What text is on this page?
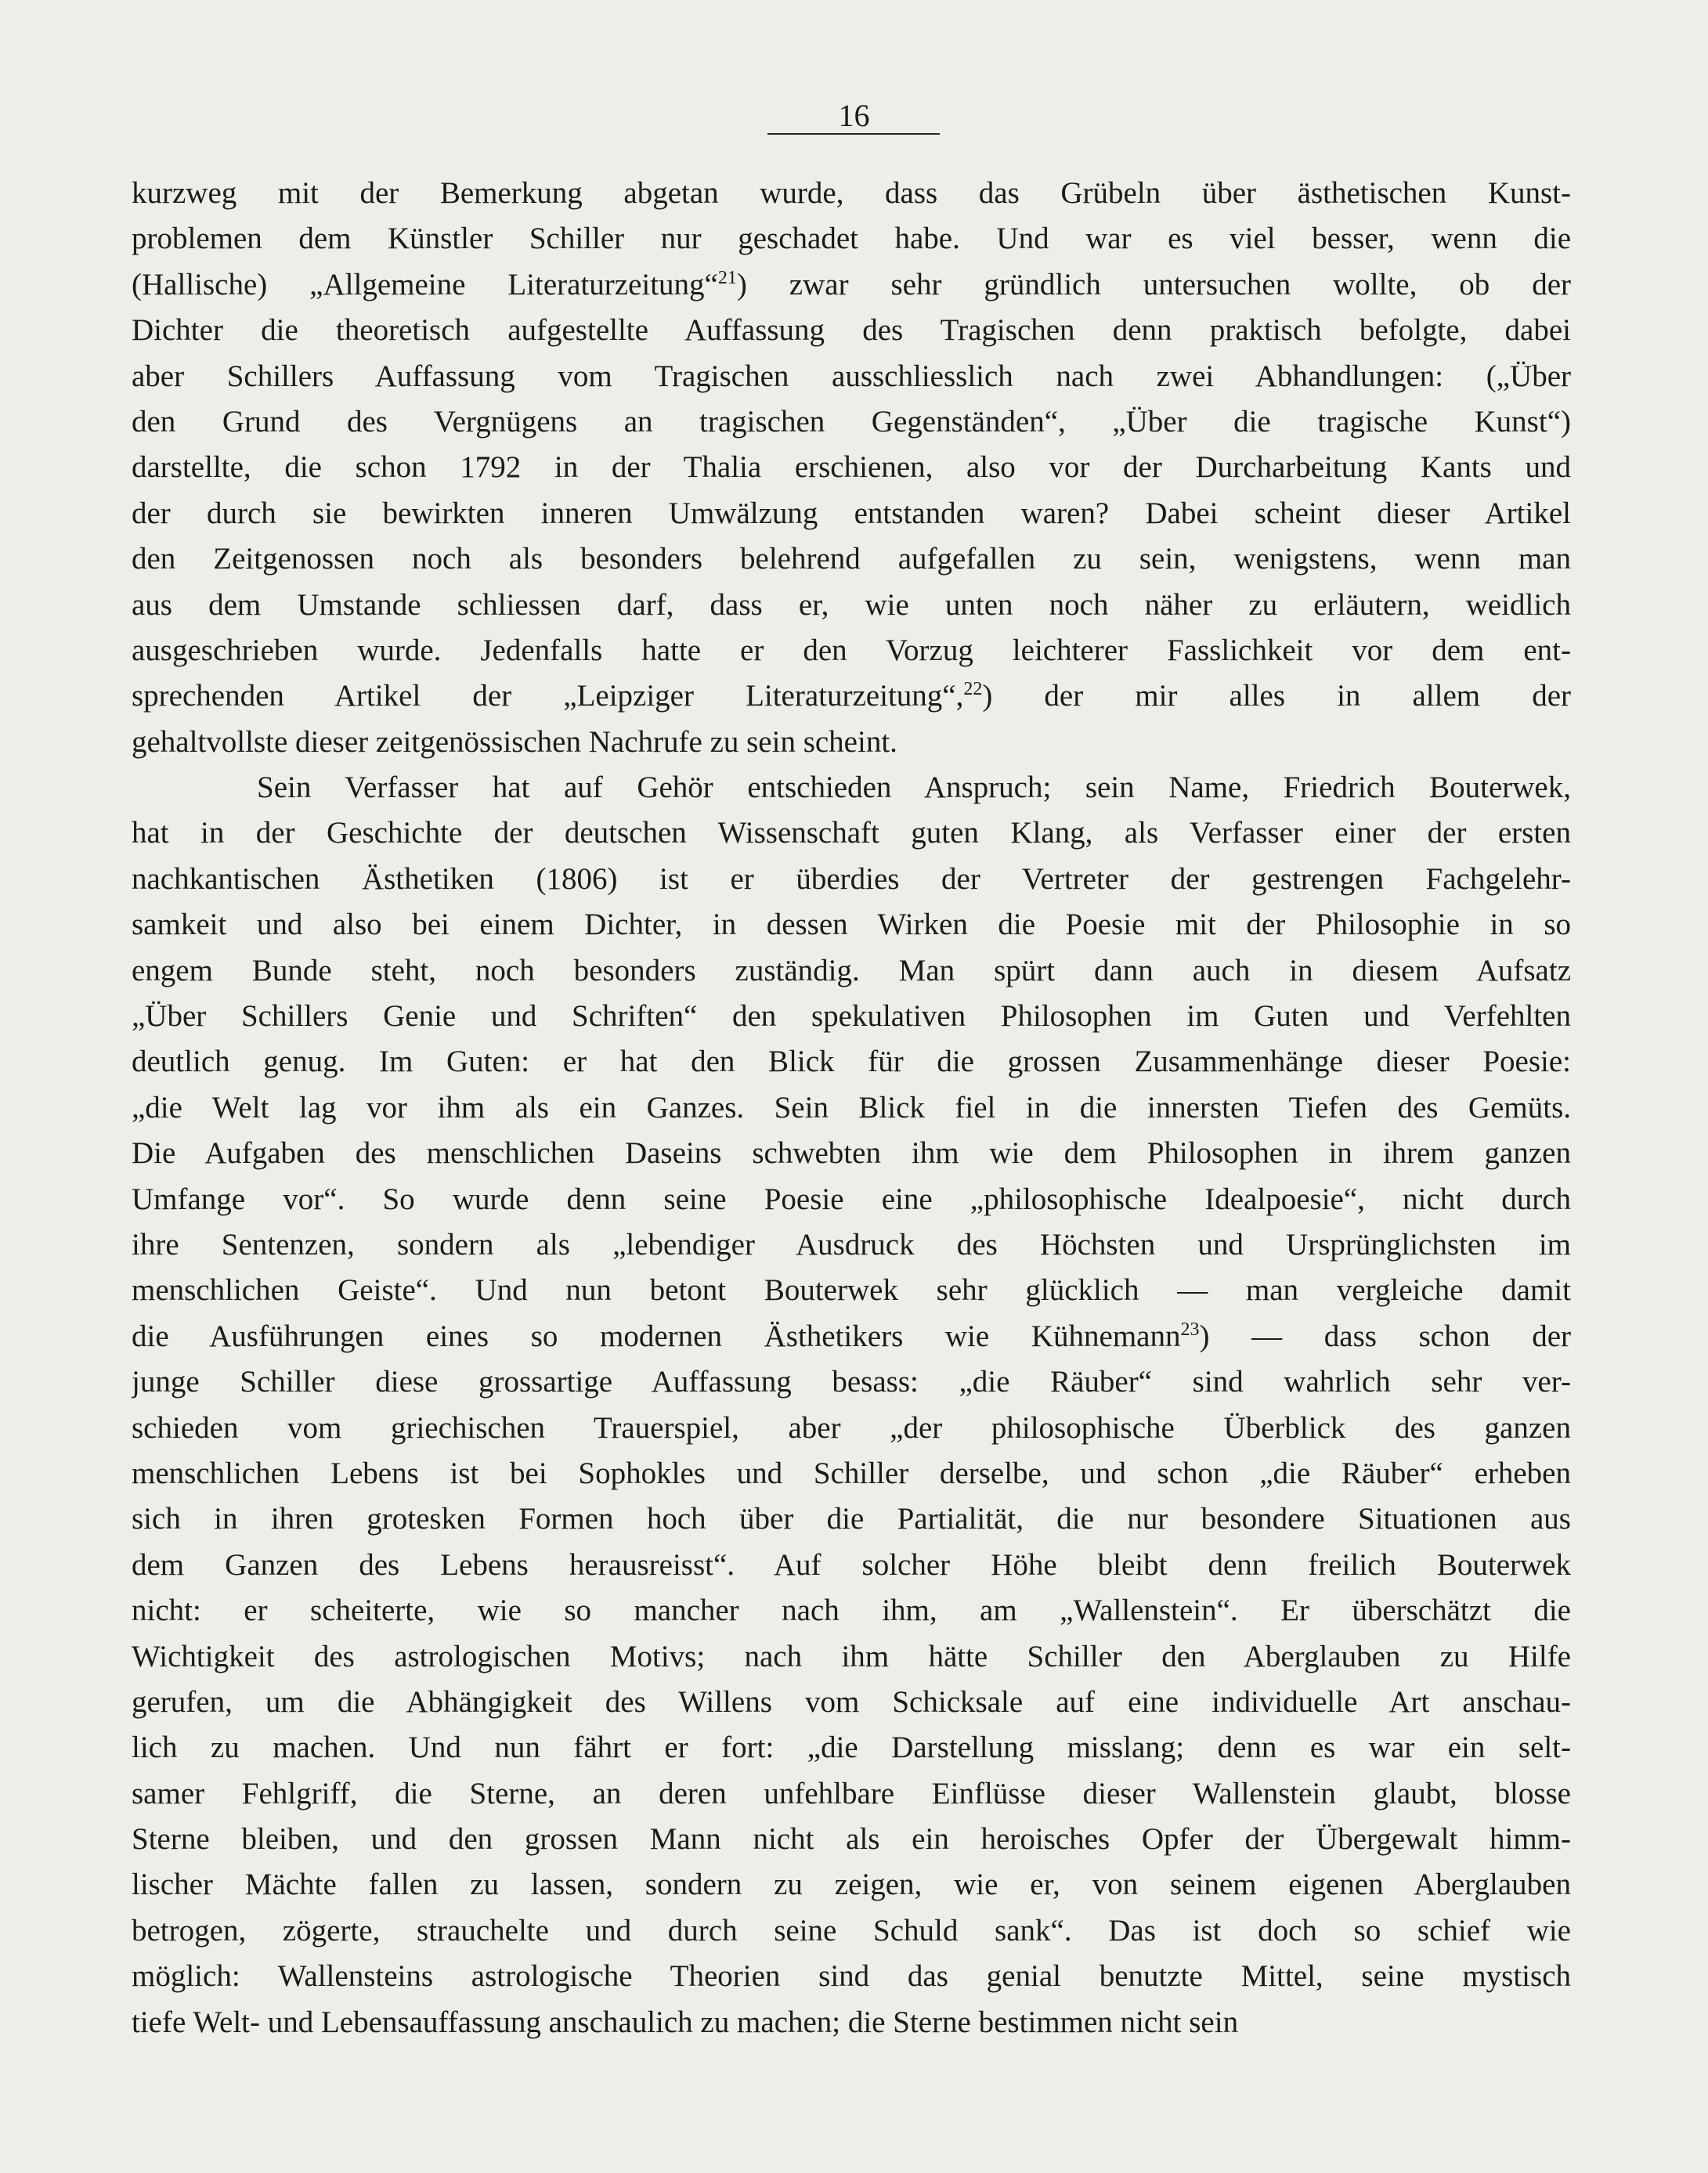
16
kurzweg mit der Bemerkung abgetan wurde, dass das Grübeln über ästhetischen Kunst-
problemen dem Künstler Schiller nur geschadet habe. Und war es viel besser, wenn die
(Hallische) „Allgemeine Literaturzeitung“$^{21}$) zwar sehr gründlich untersuchen wollte, ob der
Dichter die theoretisch aufgestellte Auffassung des Tragischen denn praktisch befolgte, dabei
aber Schillers Auffassung vom Tragischen ausschliesslich nach zwei Abhandlungen: („Über
den Grund des Vergnügens an tragischen Gegenständen“, „Über die tragische Kunst“)
darstellte, die schon 1792 in der Thalia erschienen, also vor der Durcharbeitung Kants und
der durch sie bewirkten inneren Umwälzung entstanden waren? Dabei scheint dieser Artikel
den Zeitgenossen noch als besonders belehrend aufgefallen zu sein, wenigstens, wenn man
aus dem Umstande schliessen darf, dass er, wie unten noch näher zu erläutern, weidlich
ausgeschrieben wurde. Jedenfalls hatte er den Vorzug leichterer Fasslichkeit vor dem ent-
sprechenden Artikel der „Leipziger Literaturzeitung“,$^{22}$) der mir alles in allem der
gehaltvollste dieser zeitgenössischen Nachrufe zu sein scheint.
Sein Verfasser hat auf Gehör entschieden Anspruch; sein Name, Friedrich Bouterwek,
hat in der Geschichte der deutschen Wissenschaft guten Klang, als Verfasser einer der ersten
nachkantischen Ästhetiken (1806) ist er überdies der Vertreter der gestrengen Fachgelehr-
samkeit und also bei einem Dichter, in dessen Wirken die Poesie mit der Philosophie in so
engem Bunde steht, noch besonders zuständig. Man spürt dann auch in diesem Aufsatz
„Über Schillers Genie und Schriften“ den spekulativen Philosophen im Guten und Verfehlten
deutlich genug. Im Guten: er hat den Blick für die grossen Zusammenhänge dieser Poesie:
„die Welt lag vor ihm als ein Ganzes. Sein Blick fiel in die innersten Tiefen des Gemüts.
Die Aufgaben des menschlichen Daseins schwebten ihm wie dem Philosophen in ihrem ganzen
Umfange vor“. So wurde denn seine Poesie eine „philosophische Idealpoesie“, nicht durch
ihre Sentenzen, sondern als „lebendiger Ausdruck des Höchsten und Ursprünglichsten im
menschlichen Geiste“. Und nun betont Bouterwek sehr glücklich — man vergleiche damit
die Ausführungen eines so modernen Ästhetikers wie Kühnemann$^{23}$) — dass schon der
junge Schiller diese grossartige Auffassung besass: „die Räuber“ sind wahrlich sehr ver-
schieden vom griechischen Trauerspiel, aber „der philosophische Überblick des ganzen
menschlichen Lebens ist bei Sophokles und Schiller derselbe, und schon „die Räuber“ erheben
sich in ihren grotesken Formen hoch über die Partialität, die nur besondere Situationen aus
dem Ganzen des Lebens herausreisst“. Auf solcher Höhe bleibt denn freilich Bouterwek
nicht: er scheiterte, wie so mancher nach ihm, am „Wallenstein“. Er überschätzt die
Wichtigkeit des astrologischen Motivs; nach ihm hätte Schiller den Aberglauben zu Hilfe
gerufen, um die Abhängigkeit des Willens vom Schicksale auf eine individuelle Art anschau-
lich zu machen. Und nun fährt er fort: „die Darstellung misslang; denn es war ein selt-
samer Fehlgriff, die Sterne, an deren unfehlbare Einflüsse dieser Wallenstein glaubt, blosse
Sterne bleiben, und den grossen Mann nicht als ein heroisches Opfer der Übergewalt himm-
lischer Mächte fallen zu lassen, sondern zu zeigen, wie er, von seinem eigenen Aberglauben
betrogen, zögerte, strauchelte und durch seine Schuld sank“. Das ist doch so schief wie
möglich: Wallensteins astrologische Theorien sind das genial benutzte Mittel, seine mystisch
tiefe Welt- und Lebensauffassung anschaulich zu machen; die Sterne bestimmen nicht sein
